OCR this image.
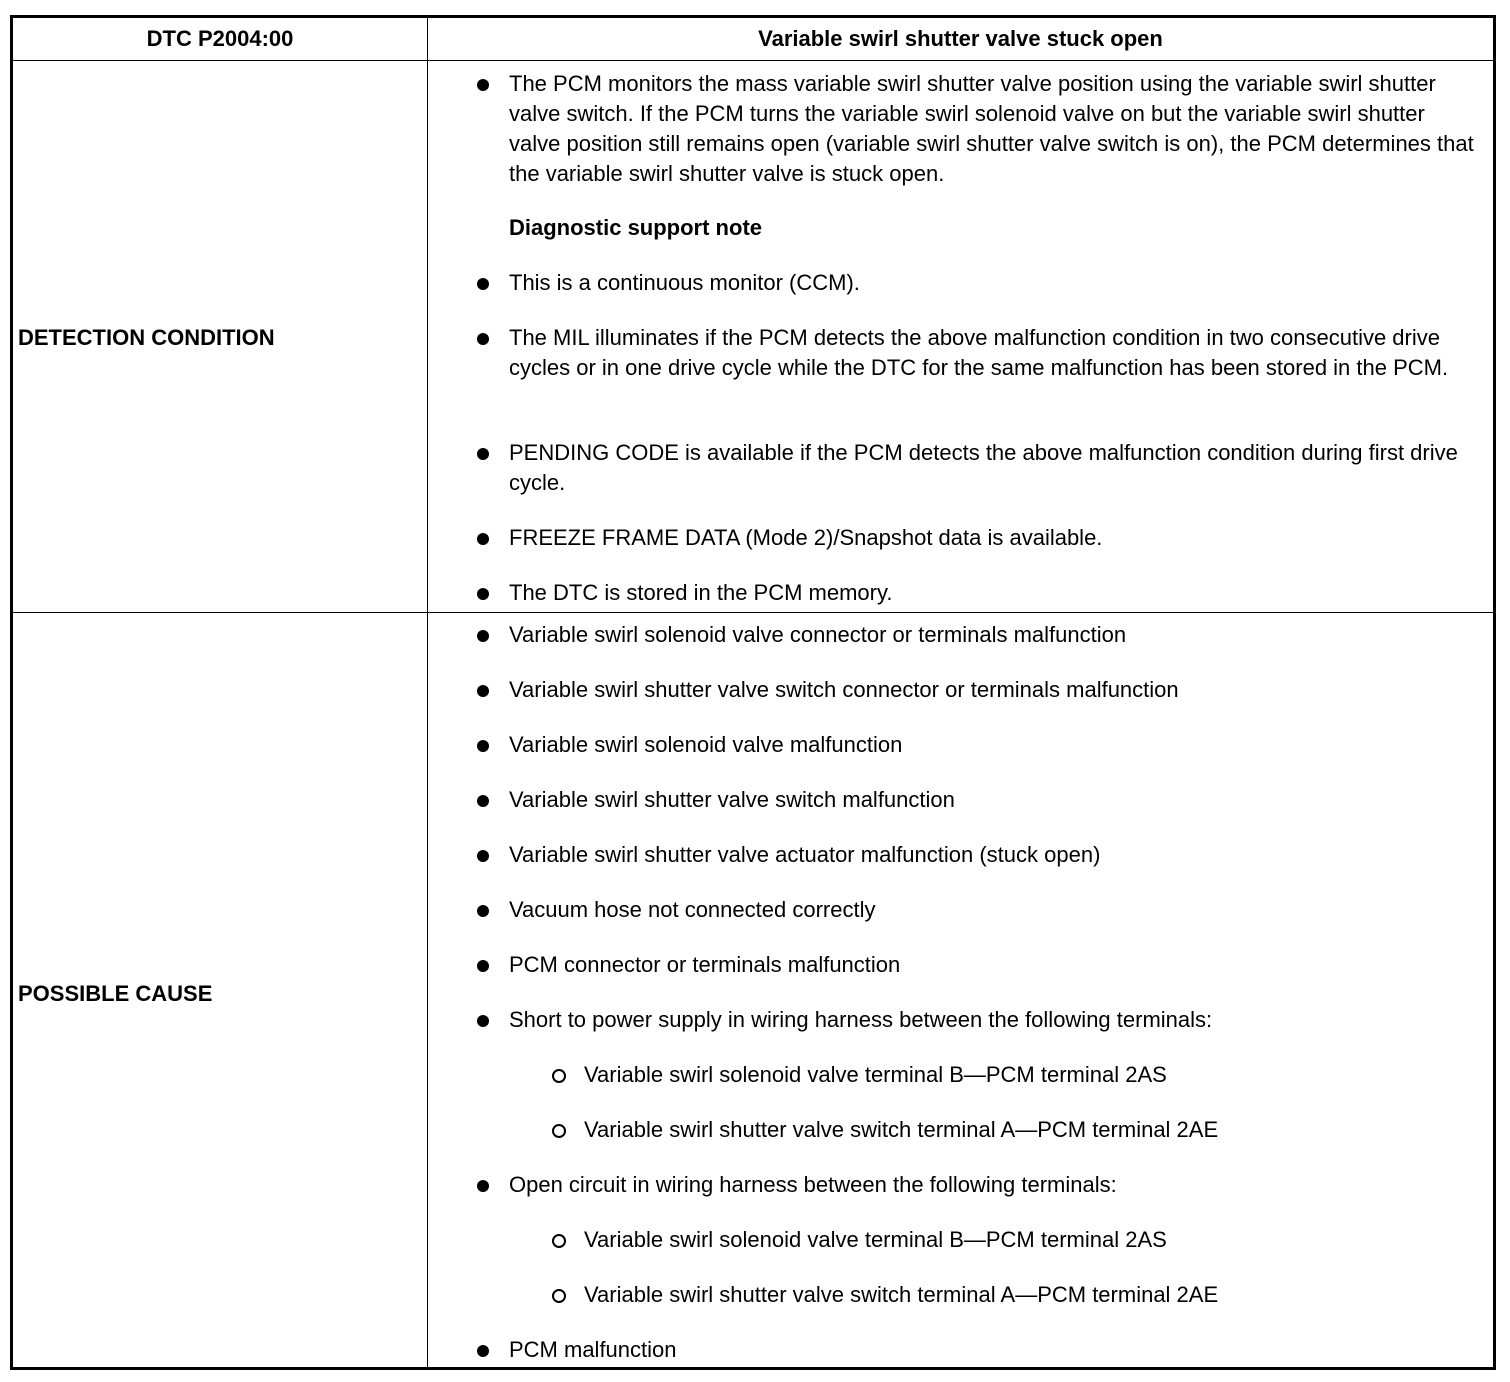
DTC P2004:00	Variable swirl shutter valve stuck open
DETECTION CONDITION
The PCM monitors the mass variable swirl shutter valve position using the variable swirl shutter valve switch. If the PCM turns the variable swirl solenoid valve on but the variable swirl shutter valve position still remains open (variable swirl shutter valve switch is on), the PCM determines that the variable swirl shutter valve is stuck open.
Diagnostic support note
This is a continuous monitor (CCM).
The MIL illuminates if the PCM detects the above malfunction condition in two consecutive drive cycles or in one drive cycle while the DTC for the same malfunction has been stored in the PCM.
PENDING CODE is available if the PCM detects the above malfunction condition during first drive cycle.
FREEZE FRAME DATA (Mode 2)/Snapshot data is available.
The DTC is stored in the PCM memory.
POSSIBLE CAUSE
Variable swirl solenoid valve connector or terminals malfunction
Variable swirl shutter valve switch connector or terminals malfunction
Variable swirl solenoid valve malfunction
Variable swirl shutter valve switch malfunction
Variable swirl shutter valve actuator malfunction (stuck open)
Vacuum hose not connected correctly
PCM connector or terminals malfunction
Short to power supply in wiring harness between the following terminals:
Variable swirl solenoid valve terminal B—PCM terminal 2AS
Variable swirl shutter valve switch terminal A—PCM terminal 2AE
Open circuit in wiring harness between the following terminals:
Variable swirl solenoid valve terminal B—PCM terminal 2AS
Variable swirl shutter valve switch terminal A—PCM terminal 2AE
PCM malfunction
